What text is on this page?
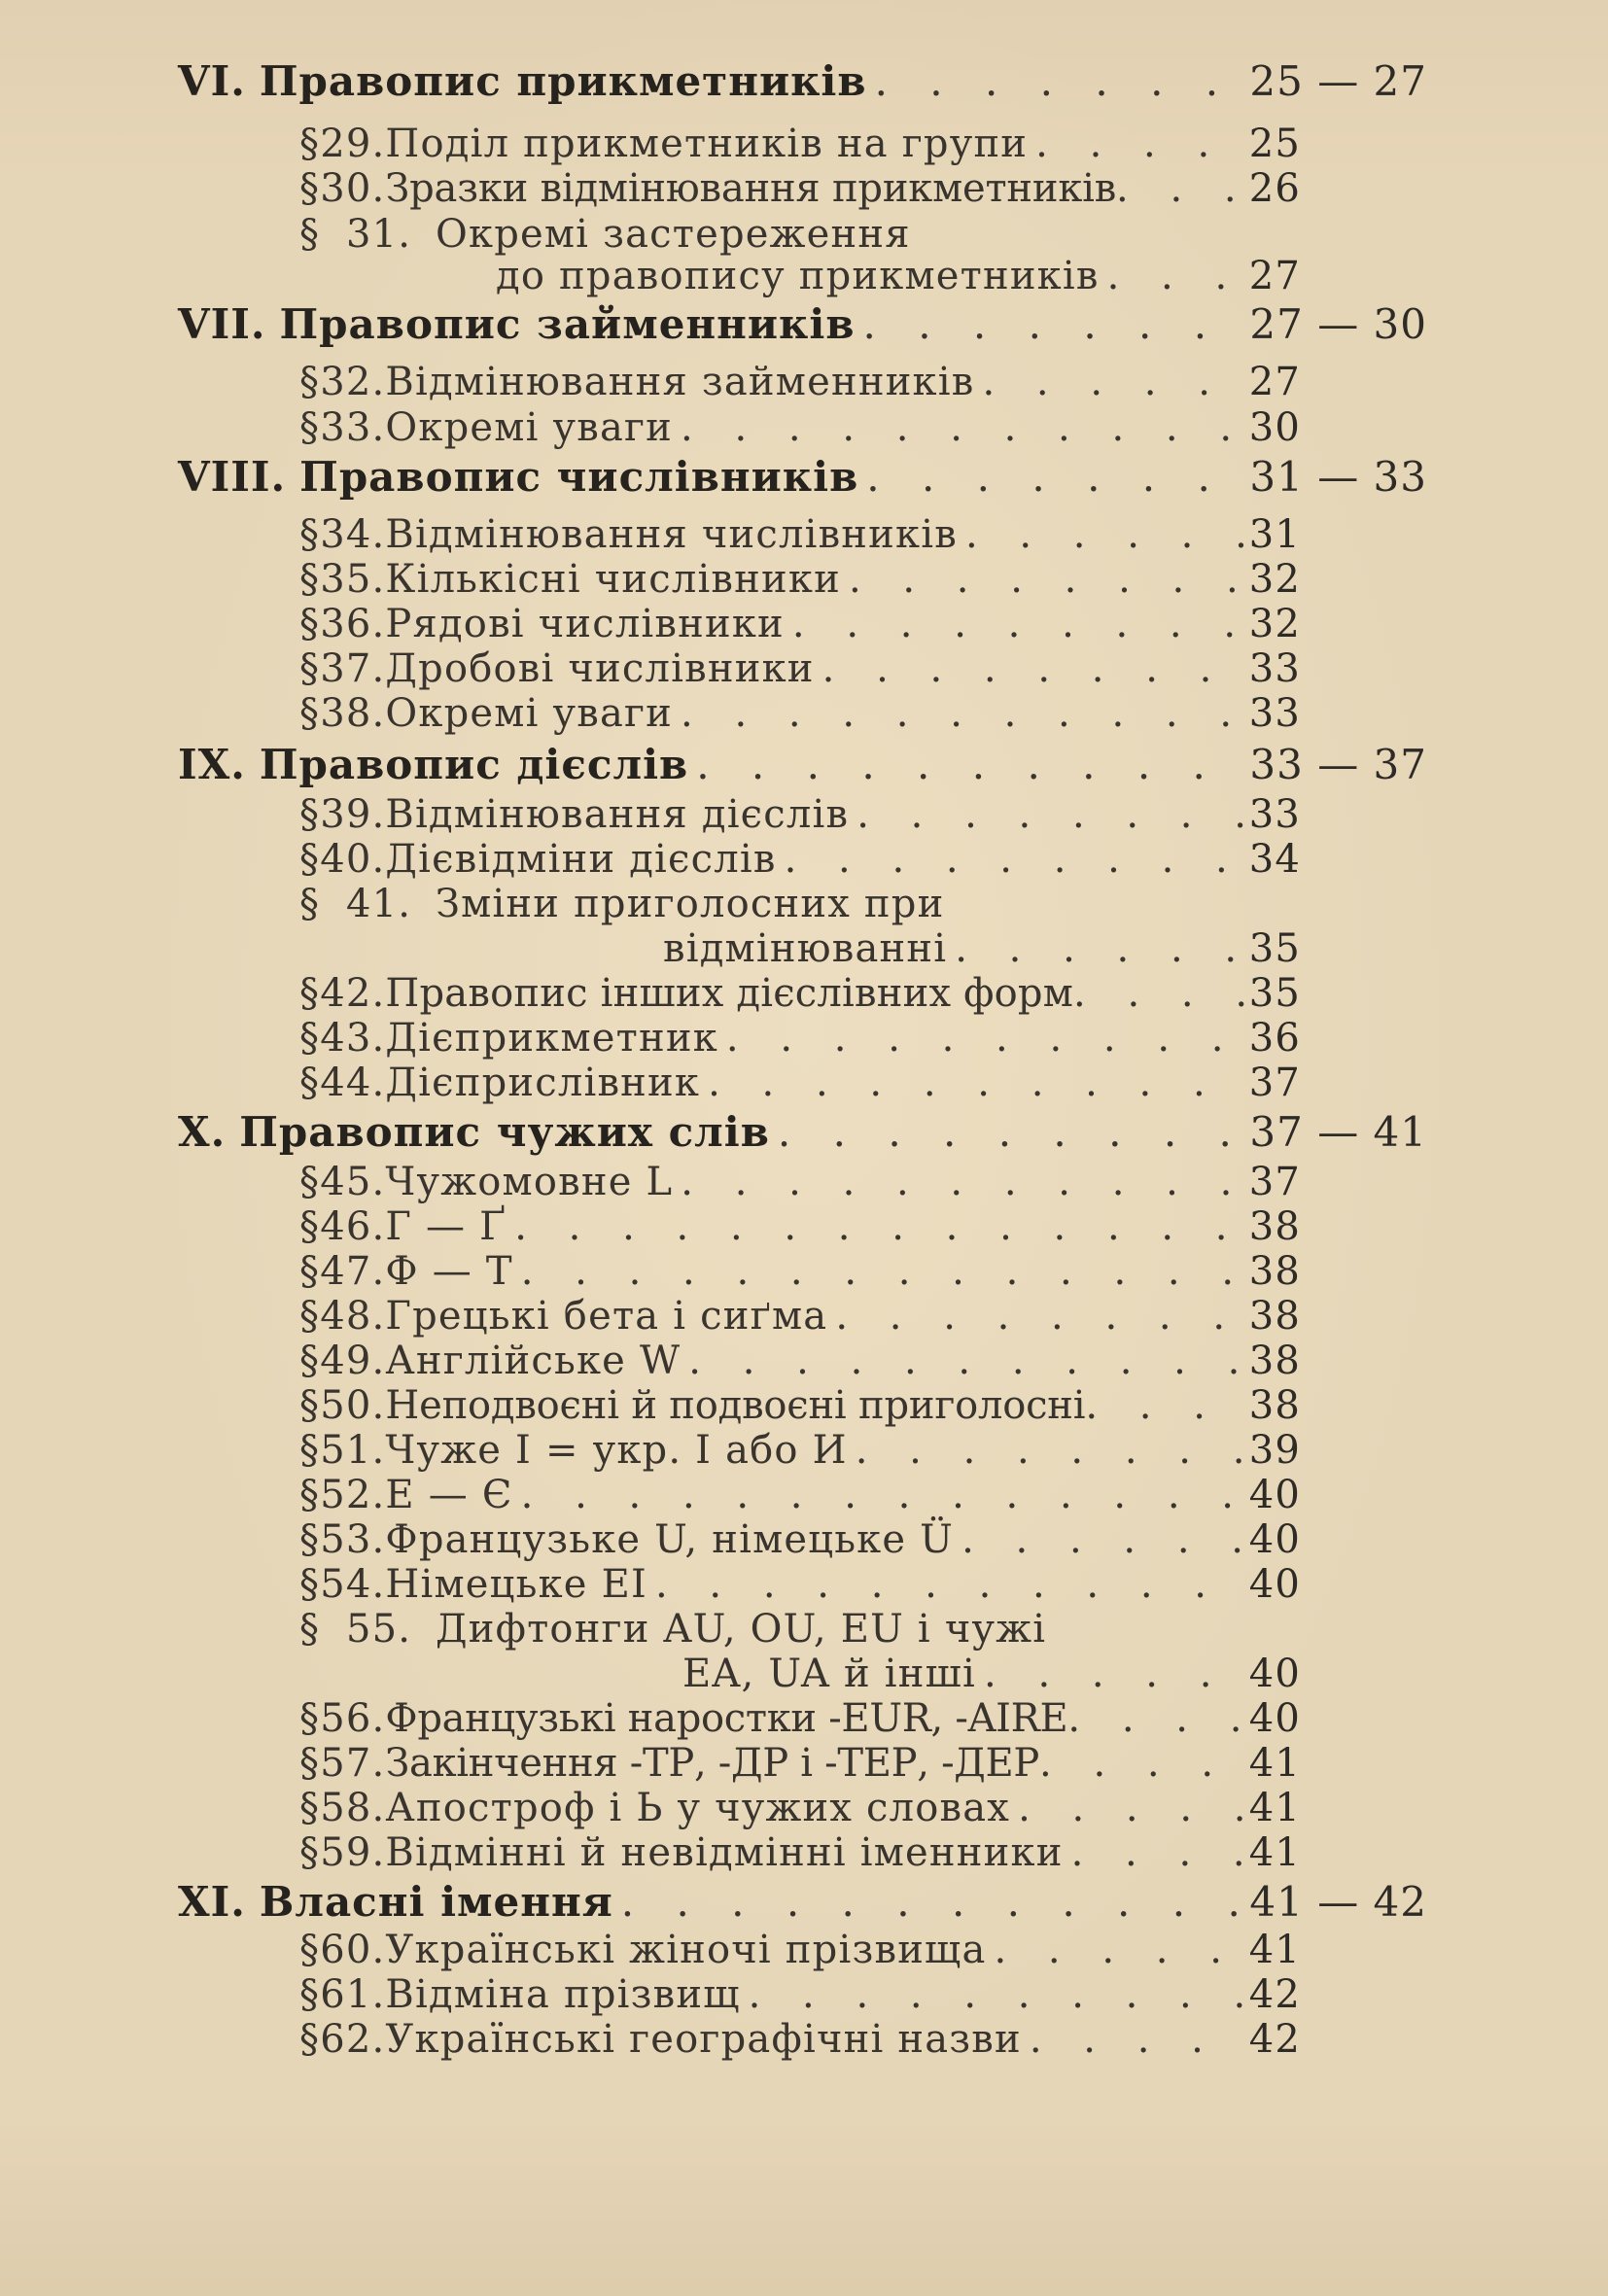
VI. Правопис прикметників . . .	25 — 27
§ 29. Поділ прикметників на групи . . .	25
§ 30. Зразки відмінювання прикметників . . .	26
§ 31. Окремі застереження
до правопису прикметників . . .	27
VII. Правопис займенників . . .	27 — 30
§ 32. Відмінювання займенників . . .	27
§ 33. Окремі уваги . . .	30
VIII. Правопис числівників . . .	31 — 33
§ 34. Відмінювання числівників . . .	31
§ 35. Кількісні числівники . . .	32
§ 36. Рядові числівники . . .	32
§ 37. Дробові числівники . . .	33
§ 38. Окремі уваги . . .	33
IX. Правопис дієслів . . .	33 — 37
§ 39. Відмінювання дієслів . . .	33
§ 40. Дієвідміни дієслів . . .	34
§ 41. Зміни приголосних при
відмінюванні . . .	35
§ 42. Правопис інших дієслівних форм . . .	35
§ 43. Дієприкметник . . .	36
§ 44. Дієприслівник . . .	37
X. Правопис чужих слів . . .	37 — 41
§ 45. Чужомовне L . . .	37
§ 46. Г — Ґ . . .	38
§ 47. Ф — Т . . .	38
§ 48. Грецькі бета і сиґма . . .	38
§ 49. Англійське W . . .	38
§ 50. Неподвоєні й подвоєні приголосні . . .	38
§ 51. Чуже I = укр. І або И . . .	39
§ 52. Е — Є . . .	40
§ 53. Французьке U, німецьке Ü . . .	40
§ 54. Німецьке EI . . .	40
§ 55. Дифтонги AU, OU, EU і чужі
EA, UA й інші . . .	40
§ 56. Французькі наростки -EUR, -AIRE . . .	40
§ 57. Закінчення -ТР, -ДР і -ТЕР, -ДЕР . . .	41
§ 58. Апостроф і Ь у чужих словах . . .	41
§ 59. Відмінні й невідмінні іменники . . .	41
XI. Власні імення . . .	41 — 42
§ 60. Українські жіночі прізвища . . .	41
§ 61. Відміна прізвищ . . .	42
§ 62. Українські географічні назви . . .	42
